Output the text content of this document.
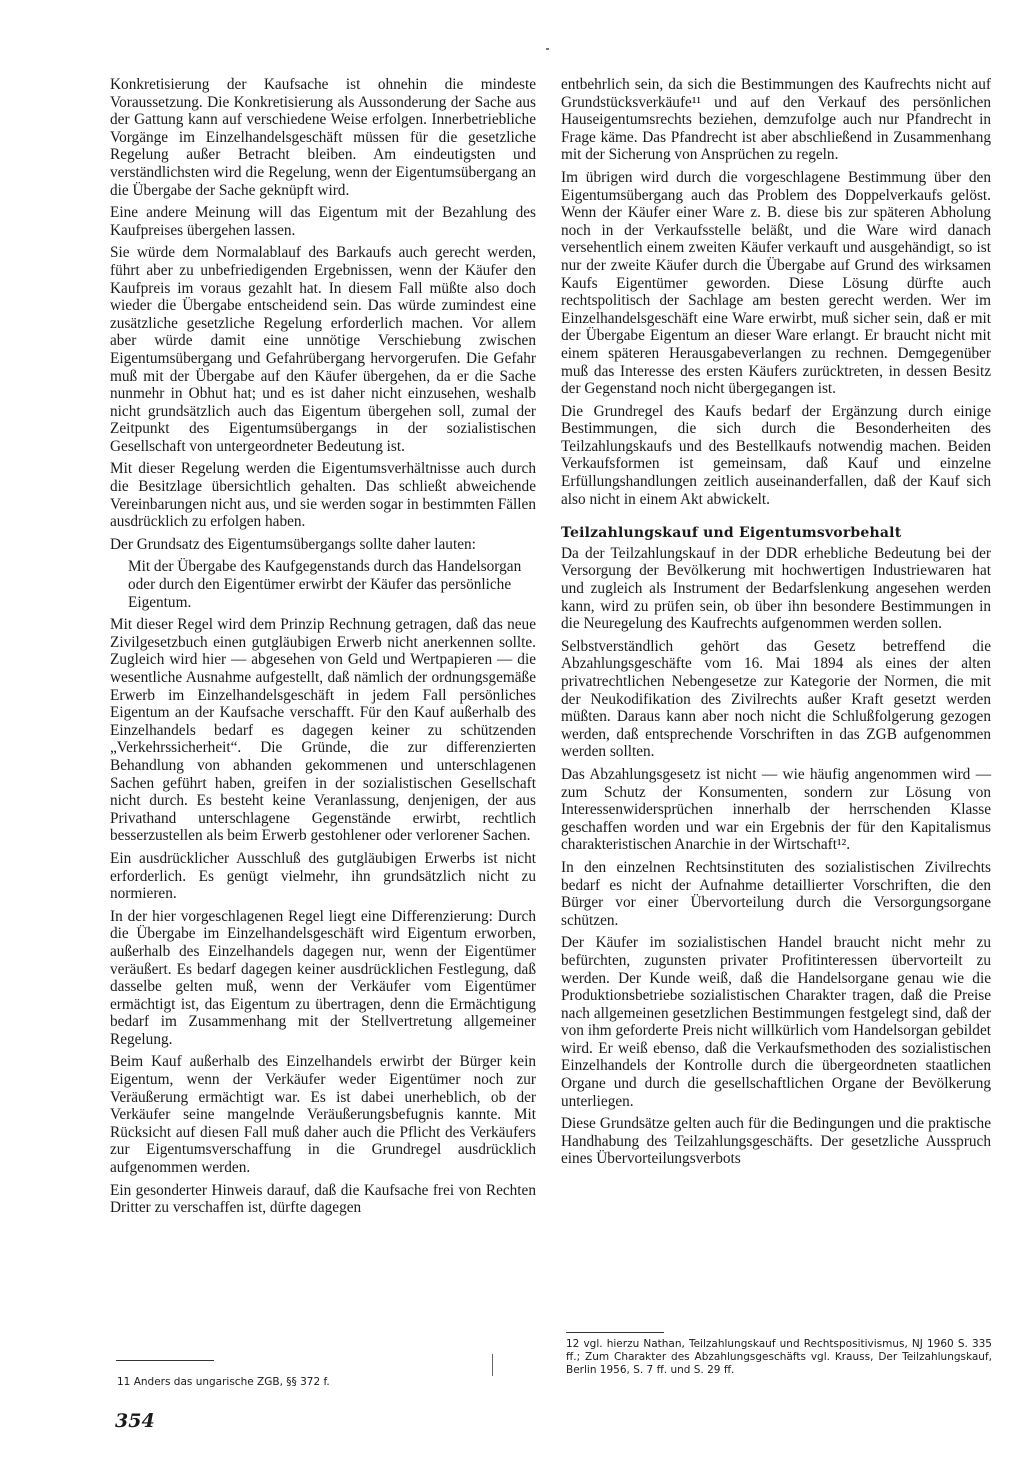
Konkretisierung der Kaufsache ist ohnehin die mindeste Voraussetzung. Die Konkretisierung als Aussonderung der Sache aus der Gattung kann auf verschiedene Weise erfolgen. Innerbetriebliche Vorgänge im Einzelhandelsgeschäft müssen für die gesetzliche Regelung außer Betracht bleiben. Am eindeutigsten und verständlichsten wird die Regelung, wenn der Eigentumsübergang an die Übergabe der Sache geknüpft wird.

Eine andere Meinung will das Eigentum mit der Bezahlung des Kaufpreises übergehen lassen.

Sie würde dem Normalablauf des Barkaufs auch gerecht werden, führt aber zu unbefriedigenden Ergebnissen, wenn der Käufer den Kaufpreis im voraus gezahlt hat. In diesem Fall müßte also doch wieder die Übergabe entscheidend sein. Das würde zumindest eine zusätzliche gesetzliche Regelung erforderlich machen. Vor allem aber würde damit eine unnötige Verschiebung zwischen Eigentumsübergang und Gefahrübergang hervorgerufen. Die Gefahr muß mit der Übergabe auf den Käufer übergehen, da er die Sache nunmehr in Obhut hat; und es ist daher nicht einzusehen, weshalb nicht grundsätzlich auch das Eigentum übergehen soll, zumal der Zeitpunkt des Eigentumsübergangs in der sozialistischen Gesellschaft von untergeordneter Bedeutung ist.

Mit dieser Regelung werden die Eigentumsverhältnisse auch durch die Besitzlage übersichtlich gehalten. Das schließt abweichende Vereinbarungen nicht aus, und sie werden sogar in bestimmten Fällen ausdrücklich zu erfolgen haben.

Der Grundsatz des Eigentumsübergangs sollte daher lauten:

Mit der Übergabe des Kaufgegenstands durch das Handelsorgan oder durch den Eigentümer erwirbt der Käufer das persönliche Eigentum.

Mit dieser Regel wird dem Prinzip Rechnung getragen, daß das neue Zivilgesetzbuch einen gutgläubigen Erwerb nicht anerkennen sollte. Zugleich wird hier — abgesehen von Geld und Wertpapieren — die wesentliche Ausnahme aufgestellt, daß nämlich der ordnungsgemäße Erwerb im Einzelhandelsgeschäft in jedem Fall persönliches Eigentum an der Kaufsache verschafft. Für den Kauf außerhalb des Einzelhandels bedarf es dagegen keiner zu schützenden „Verkehrssicherheit“. Die Gründe, die zur differenzierten Behandlung von abhanden gekommenen und unterschlagenen Sachen geführt haben, greifen in der sozialistischen Gesellschaft nicht durch. Es besteht keine Veranlassung, denjenigen, der aus Privathand unterschlagene Gegenstände erwirbt, rechtlich besserzustellen als beim Erwerb gestohlener oder verlorener Sachen.

Ein ausdrücklicher Ausschluß des gutgläubigen Erwerbs ist nicht erforderlich. Es genügt vielmehr, ihn grundsätzlich nicht zu normieren.

In der hier vorgeschlagenen Regel liegt eine Differenzierung: Durch die Übergabe im Einzelhandelsgeschäft wird Eigentum erworben, außerhalb des Einzelhandels dagegen nur, wenn der Eigentümer veräußert. Es bedarf dagegen keiner ausdrücklichen Festlegung, daß dasselbe gelten muß, wenn der Verkäufer vom Eigentümer ermächtigt ist, das Eigentum zu übertragen, denn die Ermächtigung bedarf im Zusammenhang mit der Stellvertretung allgemeiner Regelung.

Beim Kauf außerhalb des Einzelhandels erwirbt der Bürger kein Eigentum, wenn der Verkäufer weder Eigentümer noch zur Veräußerung ermächtigt war. Es ist dabei unerheblich, ob der Verkäufer seine mangelnde Veräußerungsbefugnis kannte. Mit Rücksicht auf diesen Fall muß daher auch die Pflicht des Verkäufers zur Eigentumsverschaffung in die Grundregel ausdrücklich aufgenommen werden.

Ein gesonderter Hinweis darauf, daß die Kaufsache frei von Rechten Dritter zu verschaffen ist, dürfte dagegen

entbehrlich sein, da sich die Bestimmungen des Kaufrechts nicht auf Grundstücksverkäufe¹¹ und auf den Verkauf des persönlichen Hauseigentumsrechts beziehen, demzufolge auch nur Pfandrecht in Frage käme. Das Pfandrecht ist aber abschließend in Zusammenhang mit der Sicherung von Ansprüchen zu regeln.

Im übrigen wird durch die vorgeschlagene Bestimmung über den Eigentumsübergang auch das Problem des Doppelverkaufs gelöst. Wenn der Käufer einer Ware z. B. diese bis zur späteren Abholung noch in der Verkaufsstelle beläßt, und die Ware wird danach versehentlich einem zweiten Käufer verkauft und ausgehändigt, so ist nur der zweite Käufer durch die Übergabe auf Grund des wirksamen Kaufs Eigentümer geworden. Diese Lösung dürfte auch rechtspolitisch der Sachlage am besten gerecht werden. Wer im Einzelhandelsgeschäft eine Ware erwirbt, muß sicher sein, daß er mit der Übergabe Eigentum an dieser Ware erlangt. Er braucht nicht mit einem späteren Herausgabeverlangen zu rechnen. Demgegenüber muß das Interesse des ersten Käufers zurücktreten, in dessen Besitz der Gegenstand noch nicht übergegangen ist.

Die Grundregel des Kaufs bedarf der Ergänzung durch einige Bestimmungen, die sich durch die Besonderheiten des Teilzahlungskaufs und des Bestellkaufs notwendig machen. Beiden Verkaufsformen ist gemeinsam, daß Kauf und einzelne Erfüllungshandlungen zeitlich auseinanderfallen, daß der Kauf sich also nicht in einem Akt abwickelt.

Teilzahlungskauf und Eigentumsvorbehalt

Da der Teilzahlungskauf in der DDR erhebliche Bedeutung bei der Versorgung der Bevölkerung mit hochwertigen Industriewaren hat und zugleich als Instrument der Bedarfslenkung angesehen werden kann, wird zu prüfen sein, ob über ihn besondere Bestimmungen in die Neuregelung des Kaufrechts aufgenommen werden sollen.

Selbstverständlich gehört das Gesetz betreffend die Abzahlungsgeschäfte vom 16. Mai 1894 als eines der alten privatrechtlichen Nebengesetze zur Kategorie der Normen, die mit der Neukodifikation des Zivilrechts außer Kraft gesetzt werden müßten. Daraus kann aber noch nicht die Schlußfolgerung gezogen werden, daß entsprechende Vorschriften in das ZGB aufgenommen werden sollten.

Das Abzahlungsgesetz ist nicht — wie häufig angenommen wird — zum Schutz der Konsumenten, sondern zur Lösung von Interessenwidersprüchen innerhalb der herrschenden Klasse geschaffen worden und war ein Ergebnis der für den Kapitalismus charakteristischen Anarchie in der Wirtschaft¹².

In den einzelnen Rechtsinstituten des sozialistischen Zivilrechts bedarf es nicht der Aufnahme detaillierter Vorschriften, die den Bürger vor einer Übervorteilung durch die Versorgungsorgane schützen.

Der Käufer im sozialistischen Handel braucht nicht mehr zu befürchten, zugunsten privater Profitinteressen übervorteilt zu werden. Der Kunde weiß, daß die Handelsorgane genau wie die Produktionsbetriebe sozialistischen Charakter tragen, daß die Preise nach allgemeinen gesetzlichen Bestimmungen festgelegt sind, daß der von ihm geforderte Preis nicht willkürlich vom Handelsorgan gebildet wird. Er weiß ebenso, daß die Verkaufsmethoden des sozialistischen Einzelhandels der Kontrolle durch die übergeordneten staatlichen Organe und durch die gesellschaftlichen Organe der Bevölkerung unterliegen.

Diese Grundsätze gelten auch für die Bedingungen und die praktische Handhabung des Teilzahlungsgeschäfts. Der gesetzliche Ausspruch eines Übervorteilungsverbots

11 Anders das ungarische ZGB, §§ 372 f.
12 vgl. hierzu Nathan, Teilzahlungskauf und Rechtspositivismus, NJ 1960 S. 335 ff.; Zum Charakter des Abzahlungsgeschäfts vgl. Krauss, Der Teilzahlungskauf, Berlin 1956, S. 7 ff. und S. 29 ff.
354
